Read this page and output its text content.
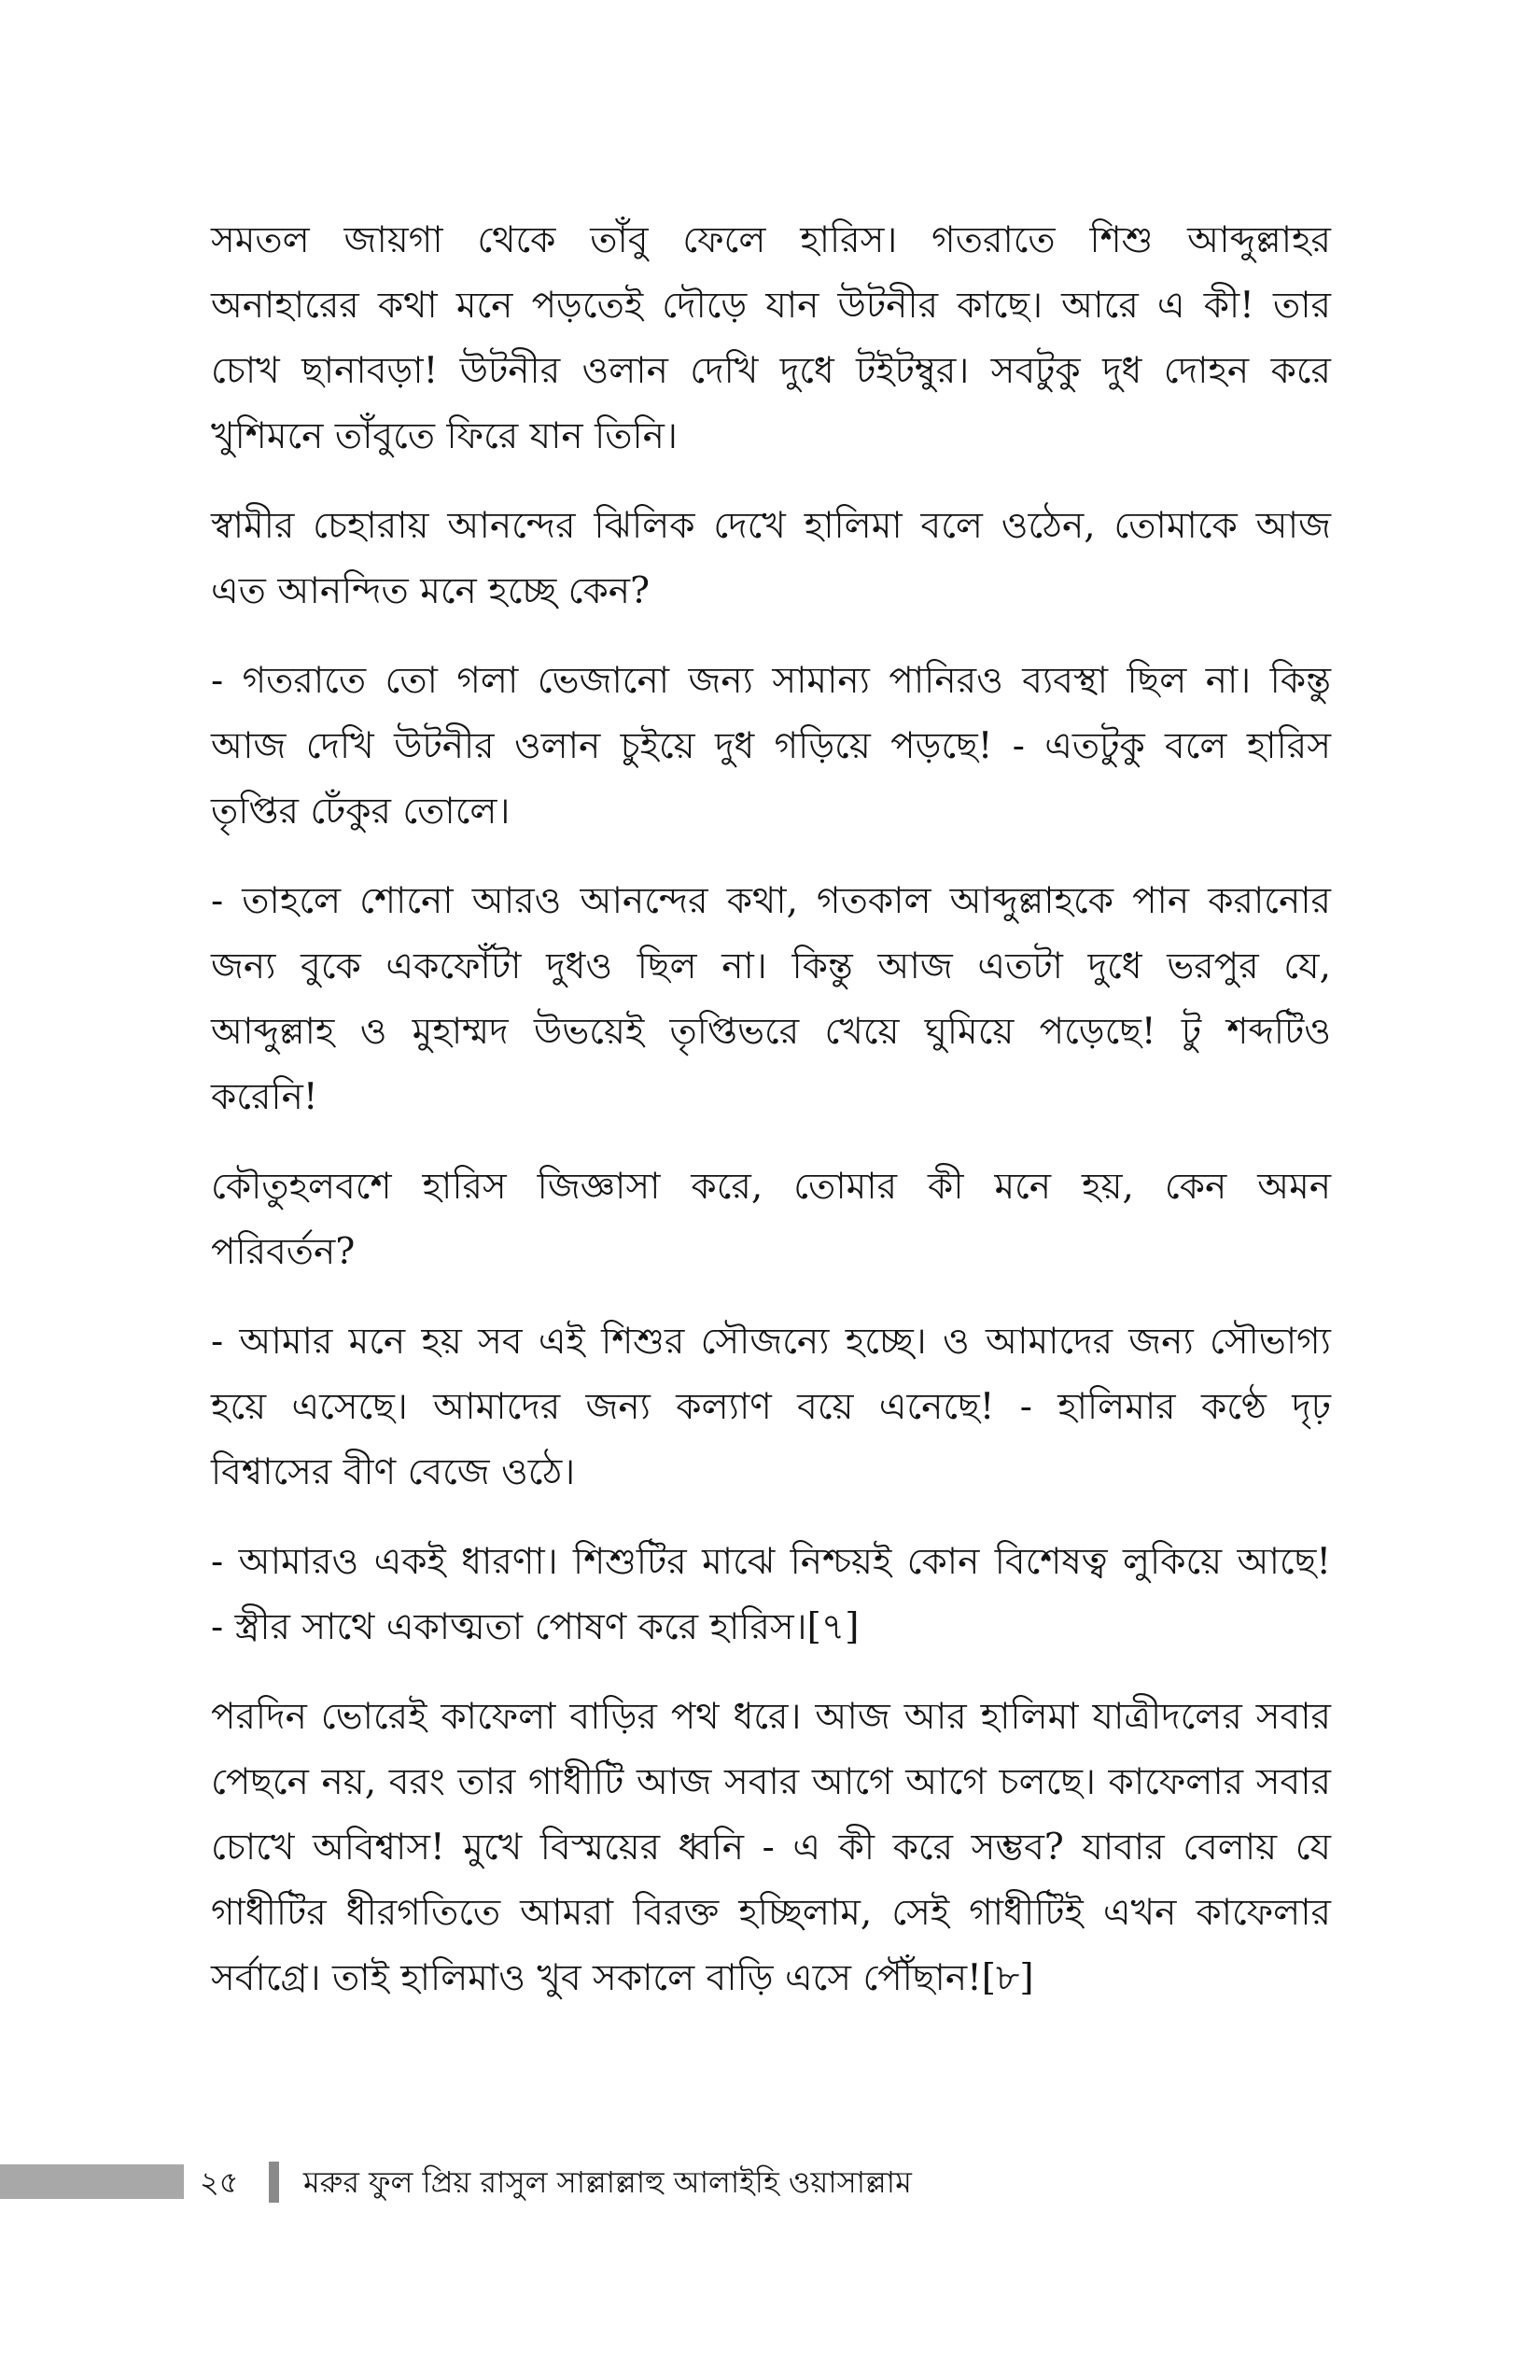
সমতল জায়গা থেকে তাঁবু ফেলে হারিস। গতরাতে শিশু আব্দুল্লাহর
অনাহারের কথা মনে পড়তেই দৌড়ে যান উটনীর কাছে। আরে এ কী! তার
চোখ ছানাবড়া! উটনীর ওলান দেখি দুধে টইটম্বুর। সবটুকু দুধ দোহন করে
খুশিমনে তাঁবুতে ফিরে যান তিনি।
স্বামীর চেহারায় আনন্দের ঝিলিক দেখে হালিমা বলে ওঠেন, তোমাকে আজ
এত আনন্দিত মনে হচ্ছে কেন?
- গতরাতে তো গলা ভেজানো জন্য সামান্য পানিরও ব্যবস্থা ছিল না। কিন্তু
আজ দেখি উটনীর ওলান চুইয়ে দুধ গড়িয়ে পড়ছে! - এতটুকু বলে হারিস
তৃপ্তির ঢেঁকুর তোলে।
- তাহলে শোনো আরও আনন্দের কথা, গতকাল আব্দুল্লাহকে পান করানোর
জন্য বুকে একফোঁটা দুধও ছিল না। কিন্তু আজ এতটা দুধে ভরপুর যে,
আব্দুল্লাহ ও মুহাম্মদ উভয়েই তৃপ্তিভরে খেয়ে ঘুমিয়ে পড়েছে! টু শব্দটিও
করেনি!
কৌতুহলবশে হারিস জিজ্ঞাসা করে, তোমার কী মনে হয়, কেন অমন
পরিবর্তন?
- আমার মনে হয় সব এই শিশুর সৌজন্যে হচ্ছে। ও আমাদের জন্য সৌভাগ্য
হয়ে এসেছে। আমাদের জন্য কল্যাণ বয়ে এনেছে! - হালিমার কণ্ঠে দৃঢ়
বিশ্বাসের বীণ বেজে ওঠে।
- আমারও একই ধারণা। শিশুটির মাঝে নিশ্চয়ই কোন বিশেষত্ব লুকিয়ে আছে!
- স্ত্রীর সাথে একাত্মতা পোষণ করে হারিস।[৭]
পরদিন ভোরেই কাফেলা বাড়ির পথ ধরে। আজ আর হালিমা যাত্রীদলের সবার
পেছনে নয়, বরং তার গাধীটি আজ সবার আগে আগে চলছে। কাফেলার সবার
চোখে অবিশ্বাস! মুখে বিস্ময়ের ধ্বনি - এ কী করে সম্ভব? যাবার বেলায় যে
গাধীটির ধীরগতিতে আমরা বিরক্ত হচ্ছিলাম, সেই গাধীটিই এখন কাফেলার
সর্বাগ্রে। তাই হালিমাও খুব সকালে বাড়ি এসে পৌঁছান![৮]
২৫ মরুর ফুল প্রিয় রাসুল সাল্লাল্লাহু আলাইহি ওয়াসাল্লাম
